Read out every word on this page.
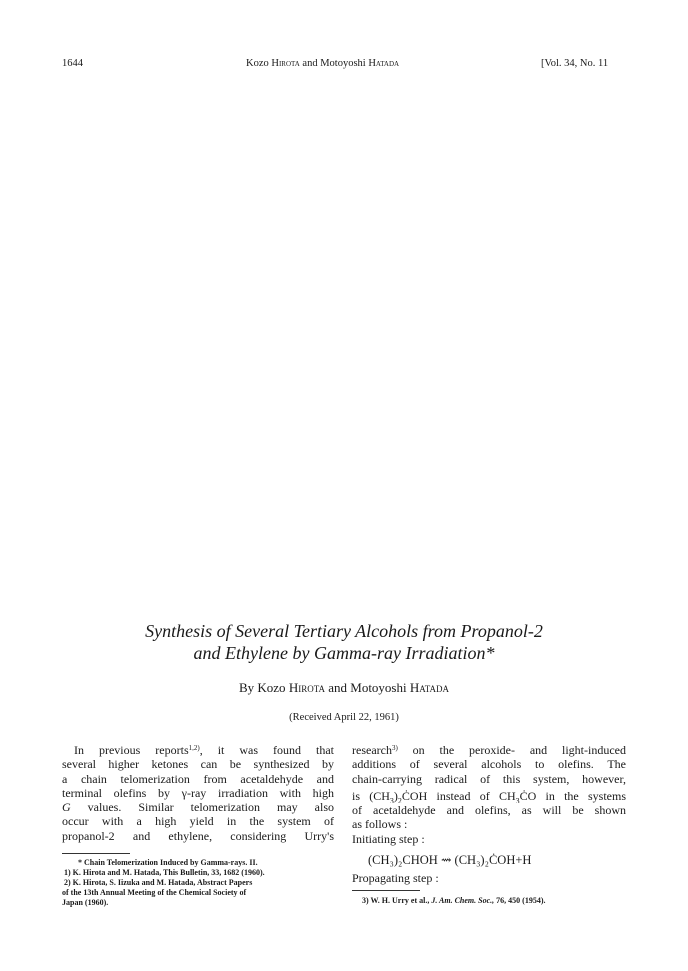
1644	Kozo Hirota and Motoyoshi Hatada	[Vol. 34, No. 11
Synthesis of Several Tertiary Alcohols from Propanol-2
and Ethylene by Gamma-ray Irradiation*
By Kozo Hirota and Motoyoshi Hatada
(Received April 22, 1961)
In previous reports$^{1,2)}$, it was found that
several higher ketones can be synthesized by
a chain telomerization from acetaldehyde and
terminal olefins by γ-ray irradiation with high
G values. Similar telomerization may also
occur with a high yield in the system of
propanol-2 and ethylene, considering Urry's
* Chain Telomerization Induced by Gamma-rays. II.
1) K. Hirota and M. Hatada, This Bulletin, 33, 1682 (1960).
2) K. Hirota, S. Iizuka and M. Hatada, Abstract Papers
of the 13th Annual Meeting of the Chemical Society of
Japan (1960).
research$^{3)}$ on the peroxide- and light-induced
additions of several alcohols to olefins. The
chain-carrying radical of this system, however,
is $(CH_3)_2ĊOH$ instead of $CH_3ĊO$ in the systems
of acetaldehyde and olefins, as will be shown
as follows :
Initiating step :
(CH₃)₂CHOH ⇝ (CH₃)₂ĊOH+H
Propagating step :
3) W. H. Urry et al., J. Am. Chem. Soc., 76, 450 (1954).
